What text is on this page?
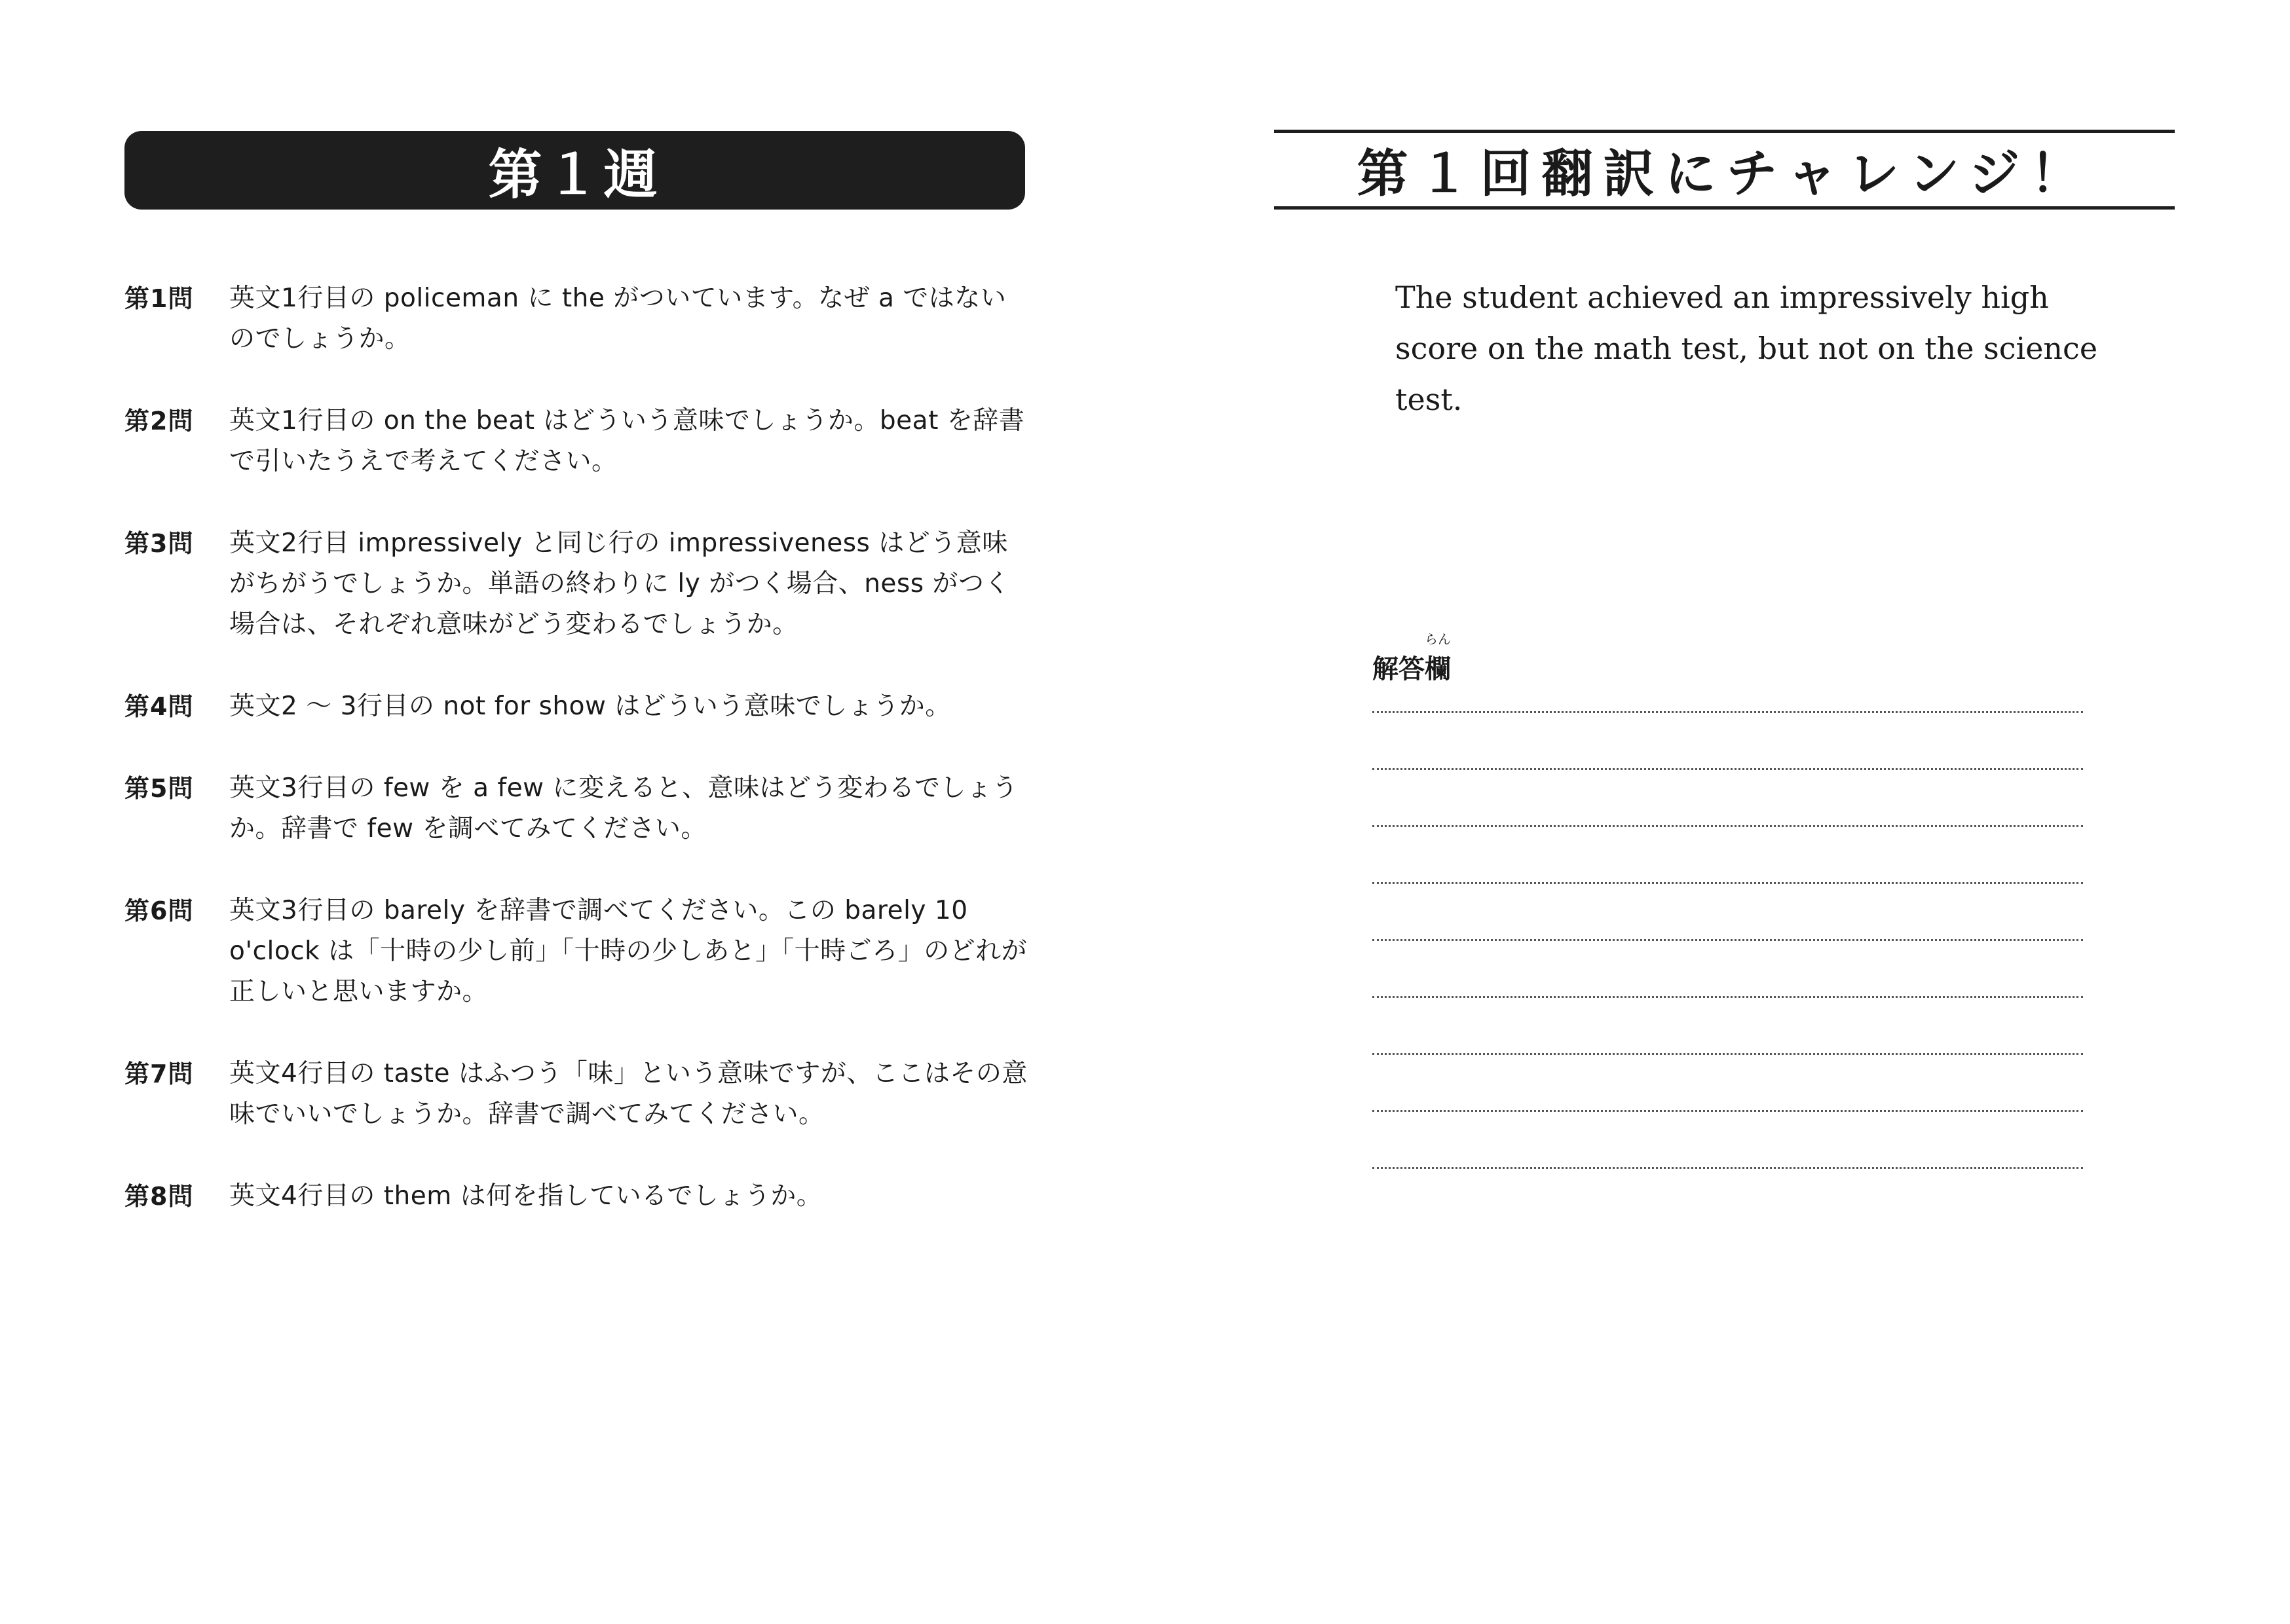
第１週
第1問	英文1行目の policeman に the がついています。なぜ a ではないのでしょうか。
第2問	英文1行目の on the beat はどういう意味でしょうか。beat を辞書で引いたうえで考えてください。
第3問	英文2行目 impressively と同じ行の impressiveness はどう意味がちがうでしょうか。単語の終わりに ly がつく場合、ness がつく場合は、それぞれ意味がどう変わるでしょうか。
第4問	英文2 〜 3行目の not for show はどういう意味でしょうか。
第5問	英文3行目の few を a few に変えると、意味はどう変わるでしょうか。辞書で few を調べてみてください。
第6問	英文3行目の barely を辞書で調べてください。この barely 10 o'clock は「十時の少し前」「十時の少しあと」「十時ごろ」のどれが正しいと思いますか。
第7問	英文4行目の taste はふつう「味」という意味ですが、ここはその意味でいいでしょうか。辞書で調べてみてください。
第8問	英文4行目の them は何を指しているでしょうか。
第１回翻訳にチャレンジ！
The student achieved an impressively high score on the math test, but not on the science test.
解答
らん
欄
